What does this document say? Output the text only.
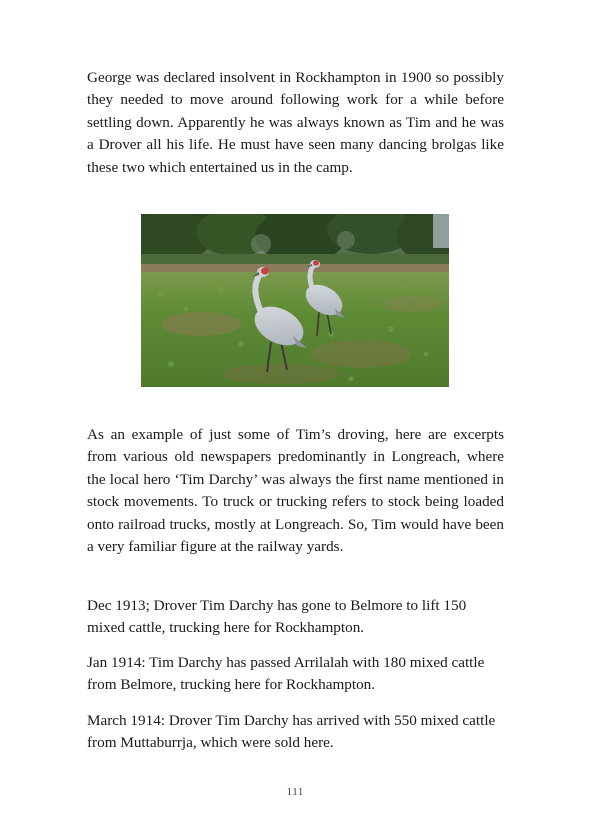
George was declared insolvent in Rockhampton in 1900 so possibly they needed to move around following work for a while before settling down. Apparently he was always known as Tim and he was a Drover all his life. He must have seen many dancing brolgas like these two which entertained us in the camp.

As an example of just some of Tim’s droving, here are excerpts from various old newspapers predominantly in Longreach, where the local hero ‘Tim Darchy’ was always the first name mentioned in stock movements. To truck or trucking refers to stock being loaded onto railroad trucks, mostly at Longreach. So, Tim would have been a very familiar figure at the railway yards.

Dec 1913; Drover Tim Darchy has gone to Belmore to lift 150 mixed cattle, trucking here for Rockhampton.

Jan 1914: Tim Darchy has passed Arrilalah with 180 mixed cattle from Belmore, trucking here for Rockhampton.

March 1914: Drover Tim Darchy has arrived with 550 mixed cattle from Muttaburrja, which were sold here.

111
